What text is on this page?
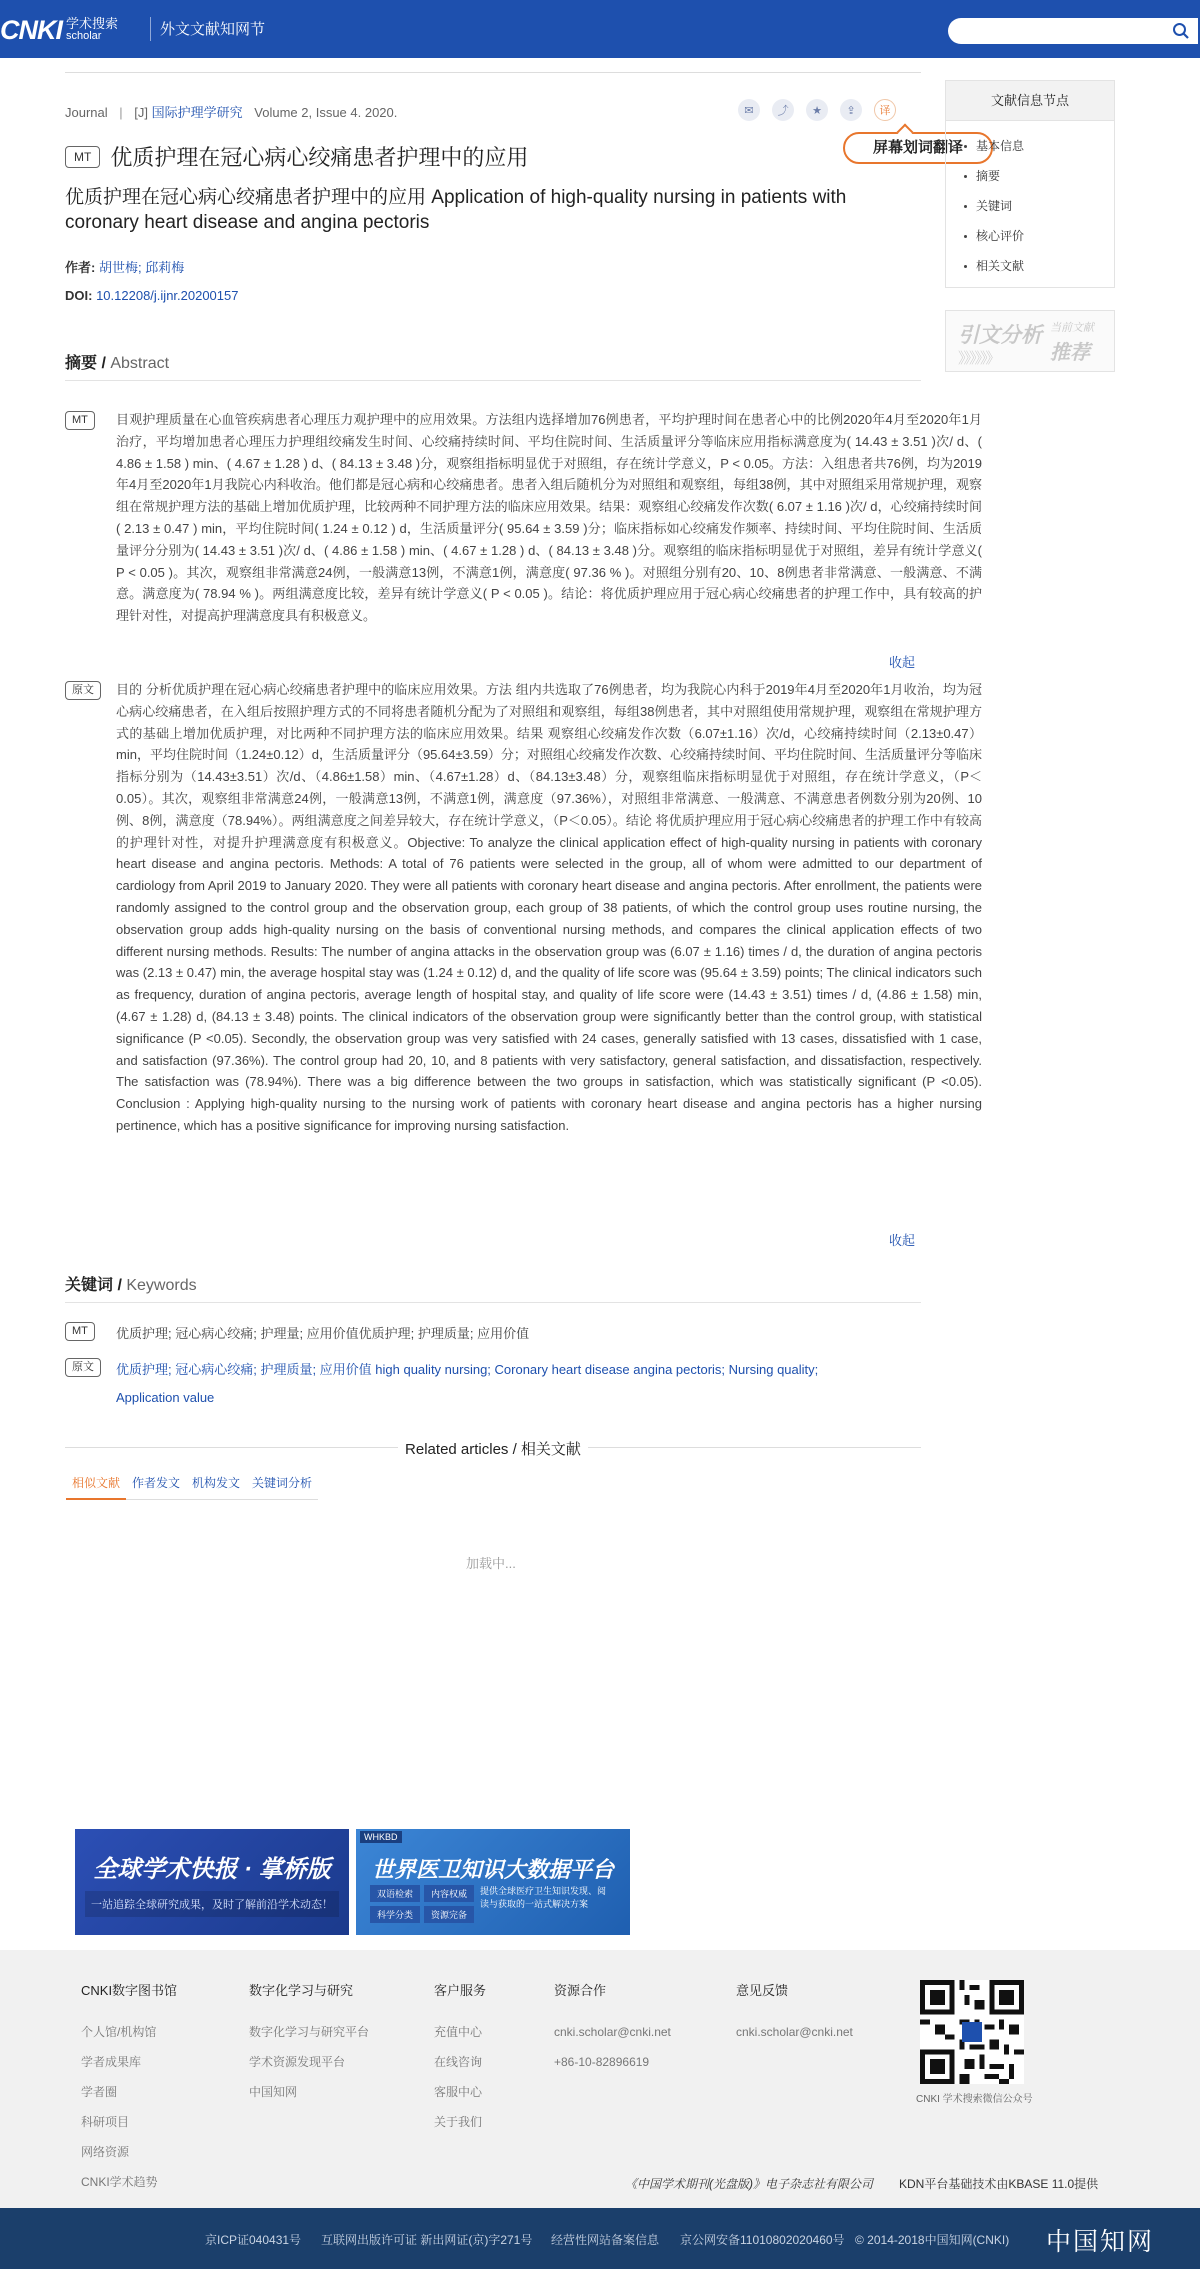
CNKI 学术搜索
scholar	外文文献知网节
Journal | [J] 国际护理学研究 Volume 2, Issue 4. 2020.	✉	⤴	★	⇪	译
屏幕划词翻译
MT 优质护理在冠心病心绞痛患者护理中的应用
优质护理在冠心病心绞痛患者护理中的应用 Application of high-quality nursing in patients with coronary heart disease and angina pectoris
作者: 胡世梅; 邱莉梅
DOI: 10.12208/j.ijnr.20200157
摘要 / Abstract
MT	目观护理质量在心血管疾病患者心理压力观护理中的应用效果。方法组内选择增加76例患者，平均护理时间在患者心中的比例2020年4月至2020年1月治疗，平均增加患者心理压力护理组绞痛发生时间、心绞痛持续时间、平均住院时间、生活质量评分等临床应用指标满意度为( 14.43 ± 3.51 )次/ d、( 4.86 ± 1.58 ) min、( 4.67 ± 1.28 ) d、( 84.13 ± 3.48 )分，观察组指标明显优于对照组，存在统计学意义，P < 0.05。方法：入组患者共76例，均为2019年4月至2020年1月我院心内科收治。他们都是冠心病和心绞痛患者。患者入组后随机分为对照组和观察组，每组38例，其中对照组采用常规护理，观察组在常规护理方法的基础上增加优质护理，比较两种不同护理方法的临床应用效果。结果：观察组心绞痛发作次数( 6.07 ± 1.16 )次/ d，心绞痛持续时间( 2.13 ± 0.47 ) min，平均住院时间( 1.24 ± 0.12 ) d，生活质量评分( 95.64 ± 3.59 )分；临床指标如心绞痛发作频率、持续时间、平均住院时间、生活质量评分分别为( 14.43 ± 3.51 )次/ d、( 4.86 ± 1.58 ) min、( 4.67 ± 1.28 ) d、( 84.13 ± 3.48 )分。观察组的临床指标明显优于对照组，差异有统计学意义( P < 0.05 )。其次，观察组非常满意24例，一般满意13例，不满意1例，满意度( 97.36 % )。对照组分别有20、10、8例患者非常满意、一般满意、不满意。满意度为( 78.94 % )。两组满意度比较，差异有统计学意义( P < 0.05 )。结论：将优质护理应用于冠心病心绞痛患者的护理工作中，具有较高的护理针对性，对提高护理满意度具有积极意义。
收起
原文	目的 分析优质护理在冠心病心绞痛患者护理中的临床应用效果。方法 组内共选取了76例患者，均为我院心内科于2019年4月至2020年1月收治，均为冠心病心绞痛患者，在入组后按照护理方式的不同将患者随机分配为了对照组和观察组，每组38例患者，其中对照组使用常规护理，观察组在常规护理方式的基础上增加优质护理，对比两种不同护理方法的临床应用效果。结果 观察组心绞痛发作次数（6.07±1.16）次/d，心绞痛持续时间（2.13±0.47）min，平均住院时间（1.24±0.12）d，生活质量评分（95.64±3.59）分；对照组心绞痛发作次数、心绞痛持续时间、平均住院时间、生活质量评分等临床指标分别为（14.43±3.51）次/d、（4.86±1.58）min、（4.67±1.28）d、（84.13±3.48）分，观察组临床指标明显优于对照组，存在统计学意义，（P＜0.05）。其次，观察组非常满意24例，一般满意13例，不满意1例，满意度（97.36%），对照组非常满意、一般满意、不满意患者例数分别为20例、10例、8例，满意度（78.94%）。两组满意度之间差异较大，存在统计学意义，（P＜0.05）。结论 将优质护理应用于冠心病心绞痛患者的护理工作中有较高的护理针对性，对提升护理满意度有积极意义。Objective: To analyze the clinical application effect of high-quality nursing in patients with coronary heart disease and angina pectoris. Methods: A total of 76 patients were selected in the group, all of whom were admitted to our department of cardiology from April 2019 to January 2020. They were all patients with coronary heart disease and angina pectoris. After enrollment, the patients were randomly assigned to the control group and the observation group, each group of 38 patients, of which the control group uses routine nursing, the observation group adds high-quality nursing on the basis of conventional nursing methods, and compares the clinical application effects of two different nursing methods. Results: The number of angina attacks in the observation group was (6.07 ± 1.16) times / d, the duration of angina pectoris was (2.13 ± 0.47) min, the average hospital stay was (1.24 ± 0.12) d, and the quality of life score was (95.64 ± 3.59) points; The clinical indicators such as frequency, duration of angina pectoris, average length of hospital stay, and quality of life score were (14.43 ± 3.51) times / d, (4.86 ± 1.58) min, (4.67 ± 1.28) d, (84.13 ± 3.48) points. The clinical indicators of the observation group were significantly better than the control group, with statistical significance (P <0.05). Secondly, the observation group was very satisfied with 24 cases, generally satisfied with 13 cases, dissatisfied with 1 case, and satisfaction (97.36%). The control group had 20, 10, and 8 patients with very satisfactory, general satisfaction, and dissatisfaction, respectively. The satisfaction was (78.94%). There was a big difference between the two groups in satisfaction, which was statistically significant (P <0.05). Conclusion : Applying high-quality nursing to the nursing work of patients with coronary heart disease and angina pectoris has a higher nursing pertinence, which has a positive significance for improving nursing satisfaction.
收起
关键词 / Keywords
MT	优质护理; 冠心病心绞痛; 护理量; 应用价值优质护理; 护理质量; 应用价值
原文	优质护理; 冠心病心绞痛; 护理质量; 应用价值 high quality nursing; Coronary heart disease angina pectoris; Nursing quality;
Application value
Related articles / 相关文献
相似文献	作者发文	机构发文	关键词分析
加载中...
全球学术快报 · 掌桥版
一站追踪全球研究成果，及时了解前沿学术动态！
WHKBD
世界医卫知识大数据平台
双语检索	内容权威
科学分类	资源完备
提供全球医疗卫生知识发现、阅读与获取的一站式解决方案
文献信息节点
基本信息
摘要
关键词
核心评价
相关文献
引文分析 当前文献
推荐
》》》》》》
CNKI数字图书馆
个人馆/机构馆
学者成果库
学者圈
科研项目
网络资源
CNKI学术趋势
数字化学习与研究
数字化学习与研究平台
学术资源发现平台
中国知网
客户服务
充值中心
在线咨询
客服中心
关于我们
资源合作
cnki.scholar@cnki.net
+86-10-82896619
意见反馈
cnki.scholar@cnki.net
CNKI 学术搜索微信公众号
《中国学术期刊(光盘版)》电子杂志社有限公司 KDN平台基础技术由KBASE 11.0提供
京ICP证040431号 互联网出版许可证 新出网证(京)字271号 经营性网站备案信息 京公网安备11010802020460号 © 2014-2018中国知网(CNKI) 中国知网
